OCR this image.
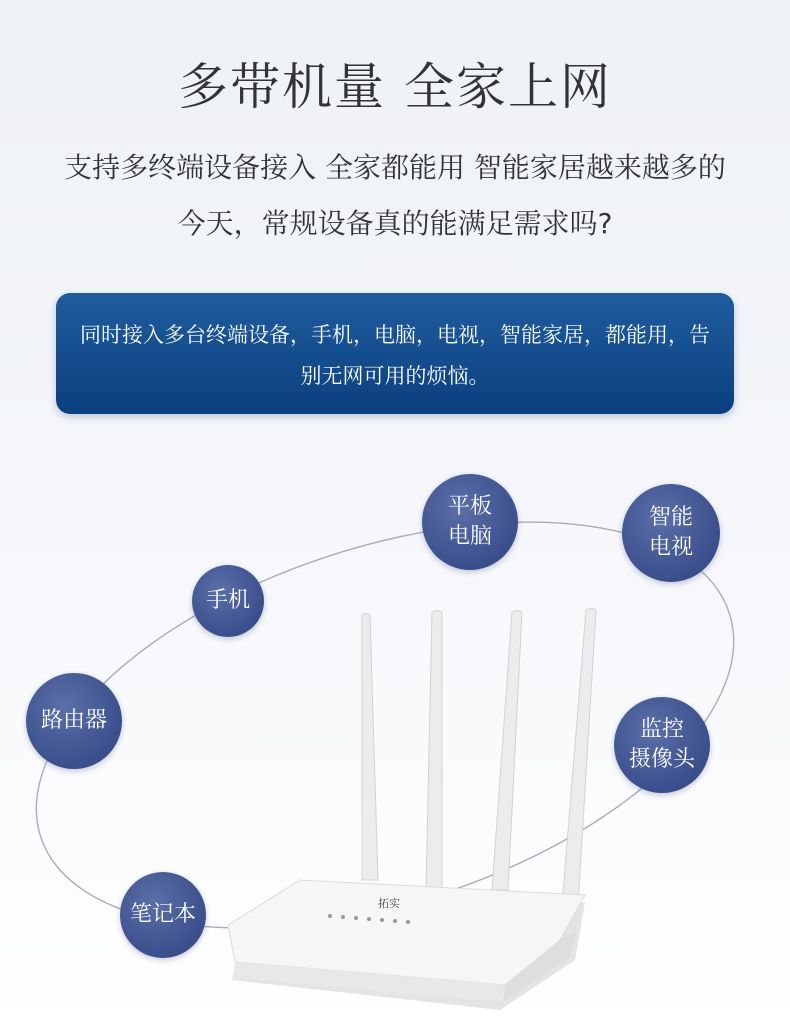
多带机量 全家上网
支持多终端设备接入 全家都能用 智能家居越来越多的今天，常规设备真的能满足需求吗?
同时接入多台终端设备，手机，电脑，电视，智能家居，都能用，告别无网可用的烦恼。
拓实
平板
电脑
智能
电视
手机
路由器	监控
摄像头
笔记本
